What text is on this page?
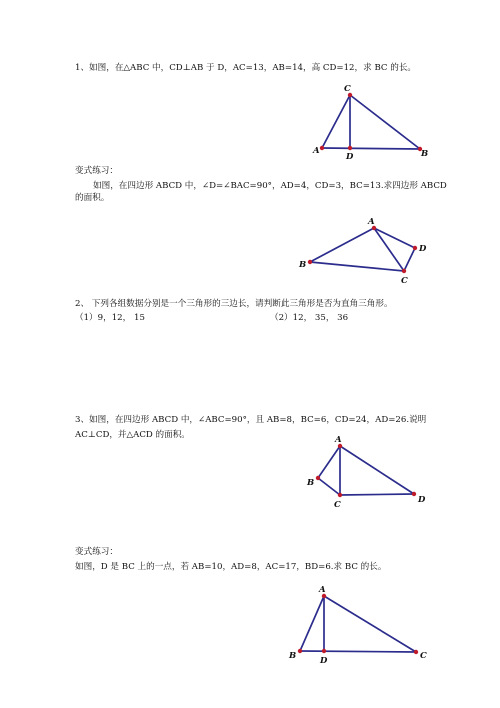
1、如图，在△ABC 中，CD⊥AB 于 D，AC=13，AB=14，高 CD=12，求 BC 的长。

C
A
D	B

变式练习：

如图，在四边形 ABCD 中，∠D=∠BAC=90°，AD=4，CD=3，BC=13.求四边形 ABCD

的面积。

A
B
D
C

2、 下列各组数据分别是一个三角形的三边长，请判断此三角形是否为直角三角形。

（1）9，12， 15	（2）12， 35， 36

3、如图，在四边形 ABCD 中，∠ABC=90°，且 AB=8，BC=6，CD=24，AD=26.说明

AC⊥CD，并△ACD 的面积。	A
B
C	D

变式练习：

如图，D 是 BC 上的一点，若 AB=10，AD=8，AC=17，BD=6.求 BC 的长。

A
B	D	C
